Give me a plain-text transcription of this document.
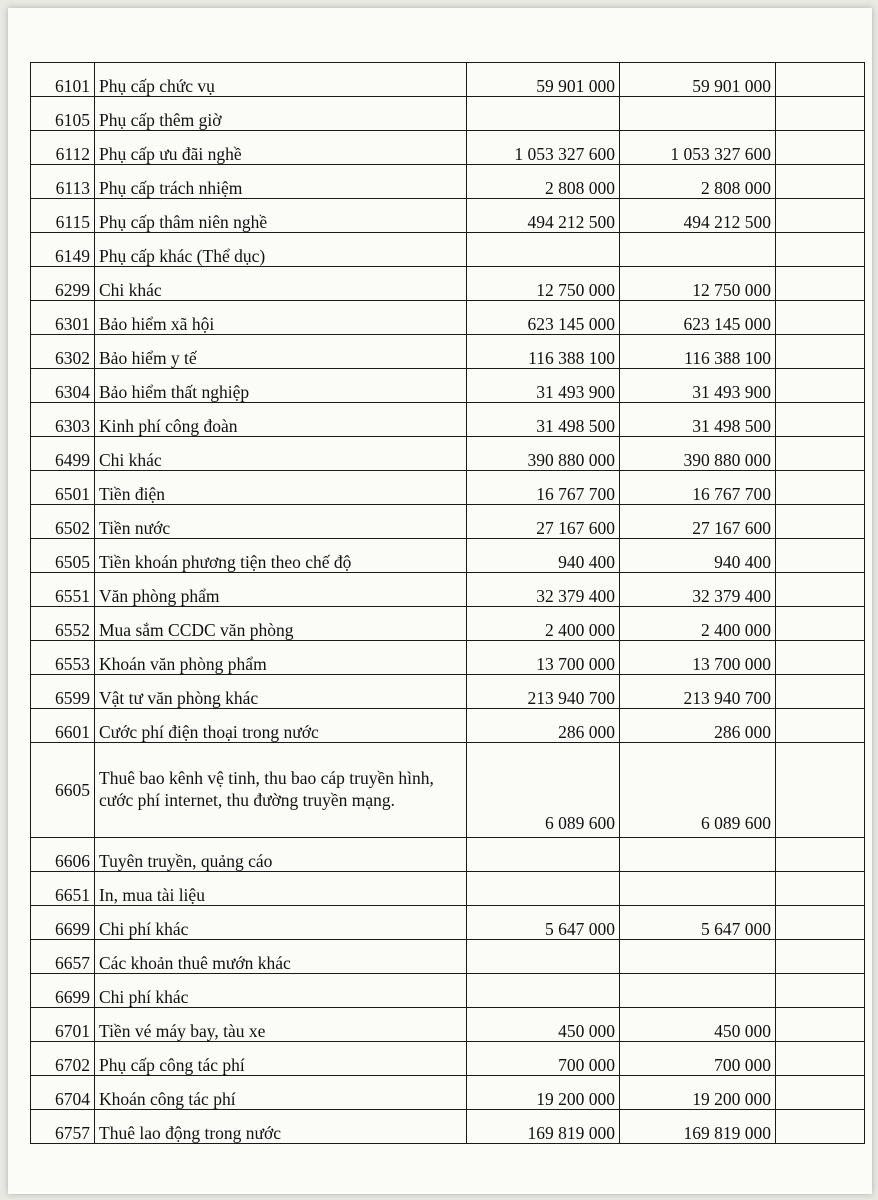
6101	Phụ cấp chức vụ	59 901 000	59 901 000	
6105	Phụ cấp thêm giờ			
6112	Phụ cấp ưu đãi nghề	1 053 327 600	1 053 327 600	
6113	Phụ cấp trách nhiệm	2 808 000	2 808 000	
6115	Phụ cấp thâm niên nghề	494 212 500	494 212 500	
6149	Phụ cấp khác (Thể dục)			
6299	Chi khác	12 750 000	12 750 000	
6301	Bảo hiểm xã hội	623 145 000	623 145 000	
6302	Bảo hiểm y tế	116 388 100	116 388 100	
6304	Bảo hiểm thất nghiệp	31 493 900	31 493 900	
6303	Kinh phí công đoàn	31 498 500	31 498 500	
6499	Chi khác	390 880 000	390 880 000	
6501	Tiền điện	16 767 700	16 767 700	
6502	Tiền nước	27 167 600	27 167 600	
6505	Tiền khoán phương tiện theo chế độ	940 400	940 400	
6551	Văn phòng phẩm	32 379 400	32 379 400	
6552	Mua sắm CCDC văn phòng	2 400 000	2 400 000	
6553	Khoán văn phòng phẩm	13 700 000	13 700 000	
6599	Vật tư văn phòng khác	213 940 700	213 940 700	
6601	Cước phí điện thoại trong nước	286 000	286 000	
6605	Thuê bao kênh vệ tinh, thu bao cáp truyền hình, cước phí internet, thu đường truyền mạng.	6 089 600	6 089 600	
6606	Tuyên truyền, quảng cáo			
6651	In, mua tài liệu			
6699	Chi phí khác	5 647 000	5 647 000	
6657	Các khoản thuê mướn khác			
6699	Chi phí khác			
6701	Tiền vé máy bay, tàu xe	450 000	450 000	
6702	Phụ cấp công tác phí	700 000	700 000	
6704	Khoán công tác phí	19 200 000	19 200 000	
6757	Thuê lao động trong nước	169 819 000	169 819 000	
